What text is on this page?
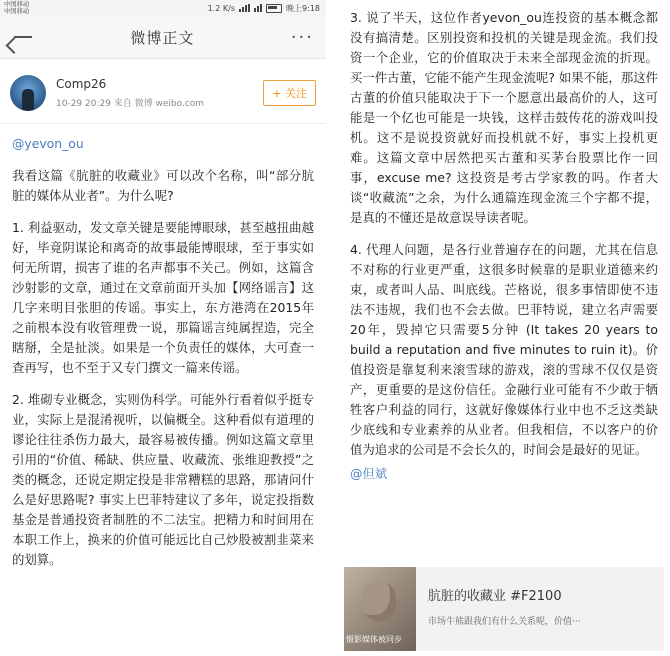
中国移动
中国移动	1.2 K/s	晚上9:18
微博正文	···
Comp26
10-29 20:29 来自 微博 weibo.com
+ 关注

@yevon_ou

我看这篇《肮脏的收藏业》可以改个名称，叫“部分肮脏的媒体从业者”。为什么呢?

1. 利益驱动，发文章关键是要能博眼球，甚至越扭曲越好，毕竟阴谋论和离奇的故事最能博眼球，至于事实如何无所谓，损害了谁的名声都事不关己。例如，这篇含沙射影的文章，通过在文章前面开头加【网络谣言】这几字来明目张胆的传谣。事实上，东方港湾在2015年之前根本没有收管理费一说，那篇谣言纯属捏造，完全瞎掰，全是扯淡。如果是一个负责任的媒体，大可查一查再写，也不至于又专门撰文一篇来传谣。

2. 堆砌专业概念，实则伪科学。可能外行看着似乎挺专业，实际上是混淆视听，以偏概全。这种看似有道理的谬论往往杀伤力最大，最容易被传播。例如这篇文章里引用的“价值、稀缺、供应量、收藏流、张维迎教授”之类的概念，还说定期定投是非常糟糕的思路，那请问什么是好思路呢? 事实上巴菲特建议了多年，说定投指数基金是普通投资者制胜的不二法宝。把精力和时间用在本职工作上，换来的价值可能远比自己炒股被割韭菜来的划算。

3. 说了半天，这位作者yevon_ou连投资的基本概念都没有搞清楚。区别投资和投机的关键是现金流。我们投资一个企业，它的价值取决于未来全部现金流的折现。买一件古董，它能不能产生现金流呢? 如果不能，那这件古董的价值只能取决于下一个愿意出最高价的人，这可能是一个亿也可能是一块钱，这样击鼓传花的游戏叫投机。这不是说投资就好而投机就不好，事实上投机更难。这篇文章中居然把买古董和买茅台股票比作一回事，excuse me? 这投资是考古学家教的吗。作者大谈“收藏流”之余，为什么通篇连现金流三个字都不提，是真的不懂还是故意误导读者呢。

4. 代理人问题，是各行业普遍存在的问题，尤其在信息不对称的行业更严重，这很多时候靠的是职业道德来约束，或者叫人品、叫底线。芒格说，很多事情即使不违法不违规，我们也不会去做。巴菲特说，建立名声需要20年，毁掉它只需要5分钟 (It takes 20 years to build a reputation and five minutes to ruin it)。价值投资是靠复利来滚雪球的游戏，滚的雪球不仅仅是资产，更重要的是这份信任。金融行业可能有不少敢于牺牲客户利益的同行，这就好像媒体行业中也不乏这类缺少底线和专业素养的从业者。但我相信，不以客户的价值为追求的公司是不会长久的，时间会是最好的见证。

@但斌

慑影媒体被同步
肮脏的收藏业 #F2100
市场牛熊跟我们有什么关系呢，价值···
